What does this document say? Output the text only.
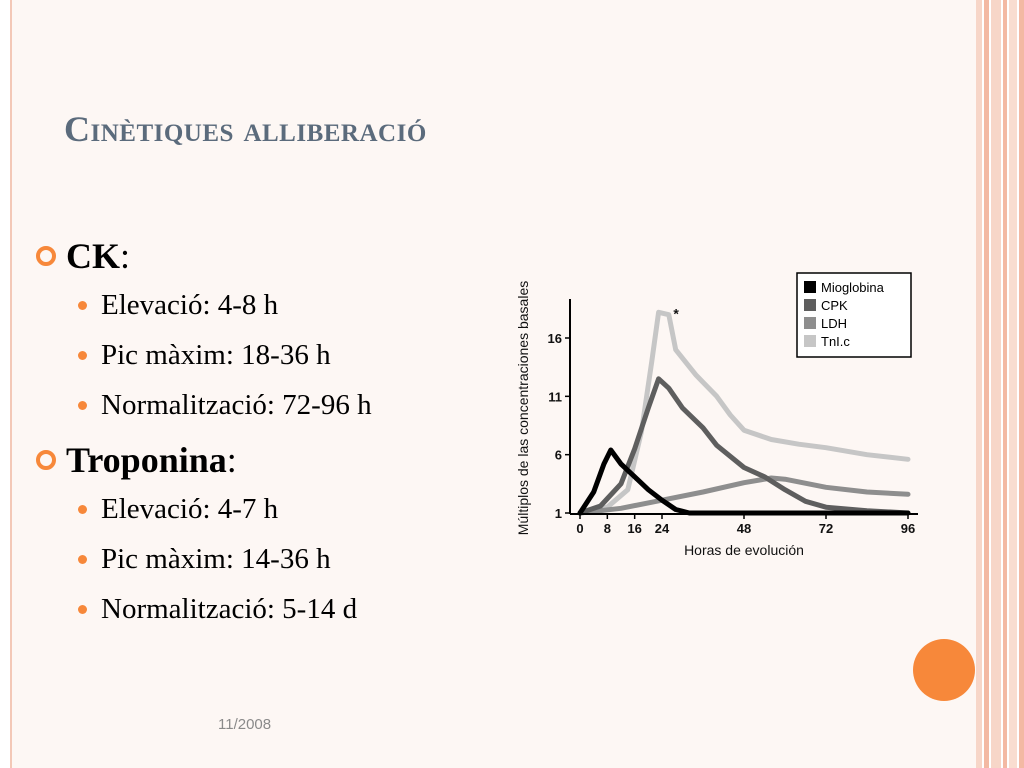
Cinètiques alliberació
CK :
Elevació: 4-8 h
Pic màxim: 18-36 h
Normalització: 72-96 h
Troponina :
Elevació: 4-7 h
Pic màxim: 14-36 h
Normalització: 5-14 d
0 8 16 24	48	72	96
1
6
11
16
Horas de evolución
Múltiplos de las concentraciones basales	*
Mioglobina
CPK
LDH
TnI.c
11/2008
